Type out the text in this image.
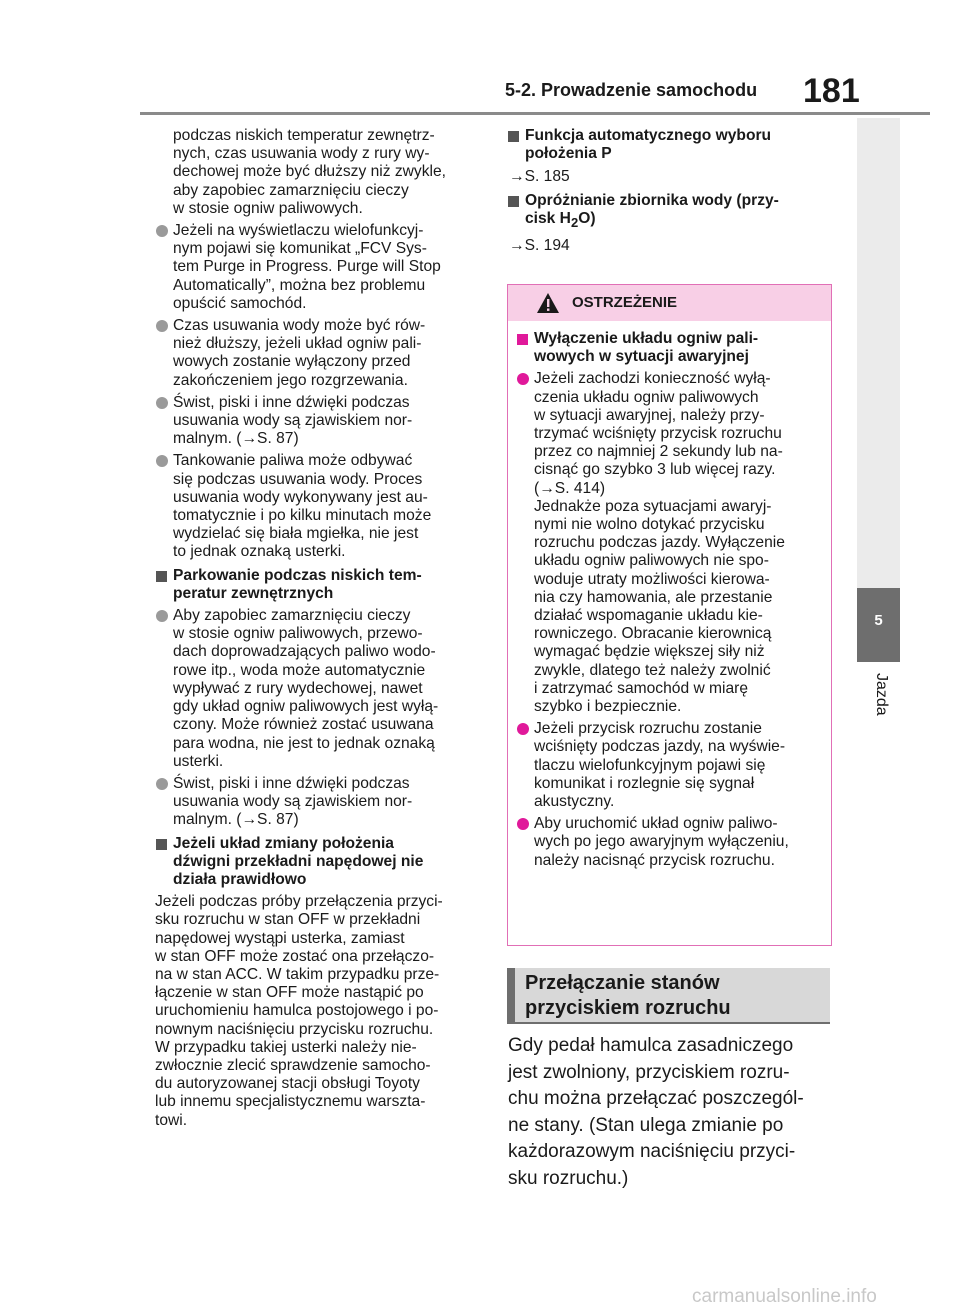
5-2. Prowadzenie samochodu 181
5
Jazda
podczas niskich temperatur zewnętrz-
nych, czas usuwania wody z rury wy-
dechowej może być dłuższy niż zwykle,
aby zapobiec zamarznięciu cieczy
w stosie ogniw paliwowych.
Jeżeli na wyświetlaczu wielofunkcyj-
nym pojawi się komunikat „FCV Sys-
tem Purge in Progress. Purge will Stop
Automatically”, można bez problemu
opuścić samochód.
Czas usuwania wody może być rów-
nież dłuższy, jeżeli układ ogniw pali-
wowych zostanie wyłączony przed
zakończeniem jego rozgrzewania.
Świst, piski i inne dźwięki podczas
usuwania wody są zjawiskiem nor-
malnym. (→S. 87)
Tankowanie paliwa może odbywać
się podczas usuwania wody. Proces
usuwania wody wykonywany jest au-
tomatycznie i po kilku minutach może
wydzielać się biała mgiełka, nie jest
to jednak oznaką usterki.
Parkowanie podczas niskich tem-
peratur zewnętrznych
Aby zapobiec zamarznięciu cieczy
w stosie ogniw paliwowych, przewo-
dach doprowadzających paliwo wodo-
rowe itp., woda może automatycznie
wypływać z rury wydechowej, nawet
gdy układ ogniw paliwowych jest wyłą-
czony. Może również zostać usuwana
para wodna, nie jest to jednak oznaką
usterki.
Świst, piski i inne dźwięki podczas
usuwania wody są zjawiskiem nor-
malnym. (→S. 87)
Jeżeli układ zmiany położenia
dźwigni przekładni napędowej nie
działa prawidłowo
Jeżeli podczas próby przełączenia przyci-
sku rozruchu w stan OFF w przekładni
napędowej wystąpi usterka, zamiast
w stan OFF może zostać ona przełączo-
na w stan ACC. W takim przypadku prze-
łączenie w stan OFF może nastąpić po
uruchomieniu hamulca postojowego i po-
nownym naciśnięciu przycisku rozruchu.
W przypadku takiej usterki należy nie-
zwłocznie zlecić sprawdzenie samocho-
du autoryzowanej stacji obsługi Toyoty
lub innemu specjalistycznemu warszta-
towi.
Funkcja automatycznego wyboru
położenia P
→S. 185
Opróżnianie zbiornika wody (przy-
cisk $H_2O$)
→S. 194
OSTRZEŻENIE
Wyłączenie układu ogniw pali-
wowych w sytuacji awaryjnej
Jeżeli zachodzi konieczność wyłą-
czenia układu ogniw paliwowych
w sytuacji awaryjnej, należy przy-
trzymać wciśnięty przycisk rozruchu
przez co najmniej 2 sekundy lub na-
cisnąć go szybko 3 lub więcej razy.
(→S. 414)
Jednakże poza sytuacjami awaryj-
nymi nie wolno dotykać przycisku
rozruchu podczas jazdy. Wyłączenie
układu ogniw paliwowych nie spo-
woduje utraty możliwości kierowa-
nia czy hamowania, ale przestanie
działać wspomaganie układu kie-
rowniczego. Obracanie kierownicą
wymagać będzie większej siły niż
zwykle, dlatego też należy zwolnić
i zatrzymać samochód w miarę
szybko i bezpiecznie.
Jeżeli przycisk rozruchu zostanie
wciśnięty podczas jazdy, na wyświe-
tlaczu wielofunkcyjnym pojawi się
komunikat i rozlegnie się sygnał
akustyczny.
Aby uruchomić układ ogniw paliwo-
wych po jego awaryjnym wyłączeniu,
należy nacisnąć przycisk rozruchu.
Przełączanie stanów
przyciskiem rozruchu
Gdy pedał hamulca zasadniczego
jest zwolniony, przyciskiem rozru-
chu można przełączać poszczegól-
ne stany. (Stan ulega zmianie po
każdorazowym naciśnięciu przyci-
sku rozruchu.)
carmanualsonline.info
